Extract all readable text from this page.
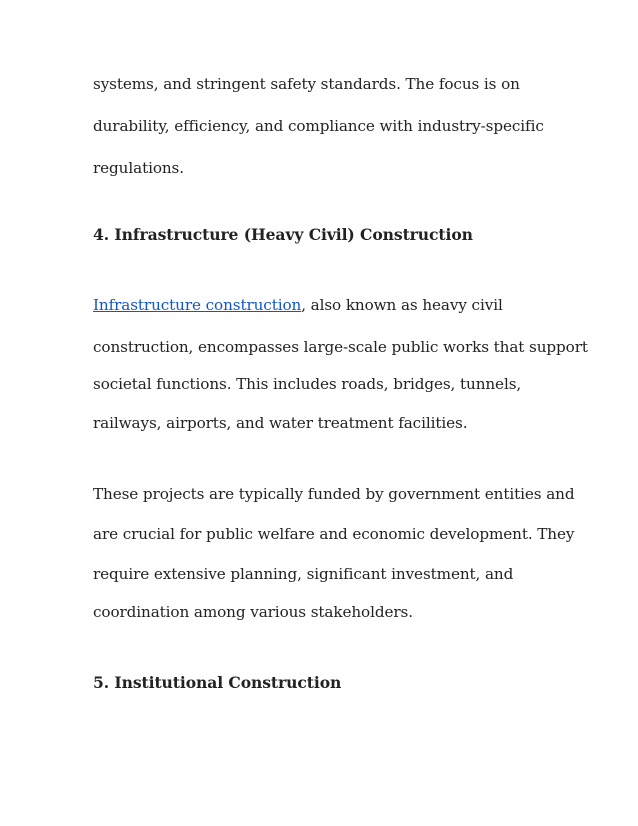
systems, and stringent safety standards. The focus is on
durability, efficiency, and compliance with industry-specific
regulations.
4. Infrastructure (Heavy Civil) Construction
Infrastructure construction, also known as heavy civil
construction, encompasses large-scale public works that support
societal functions. This includes roads, bridges, tunnels,
railways, airports, and water treatment facilities.
These projects are typically funded by government entities and
are crucial for public welfare and economic development. They
require extensive planning, significant investment, and
coordination among various stakeholders.
5. Institutional Construction
